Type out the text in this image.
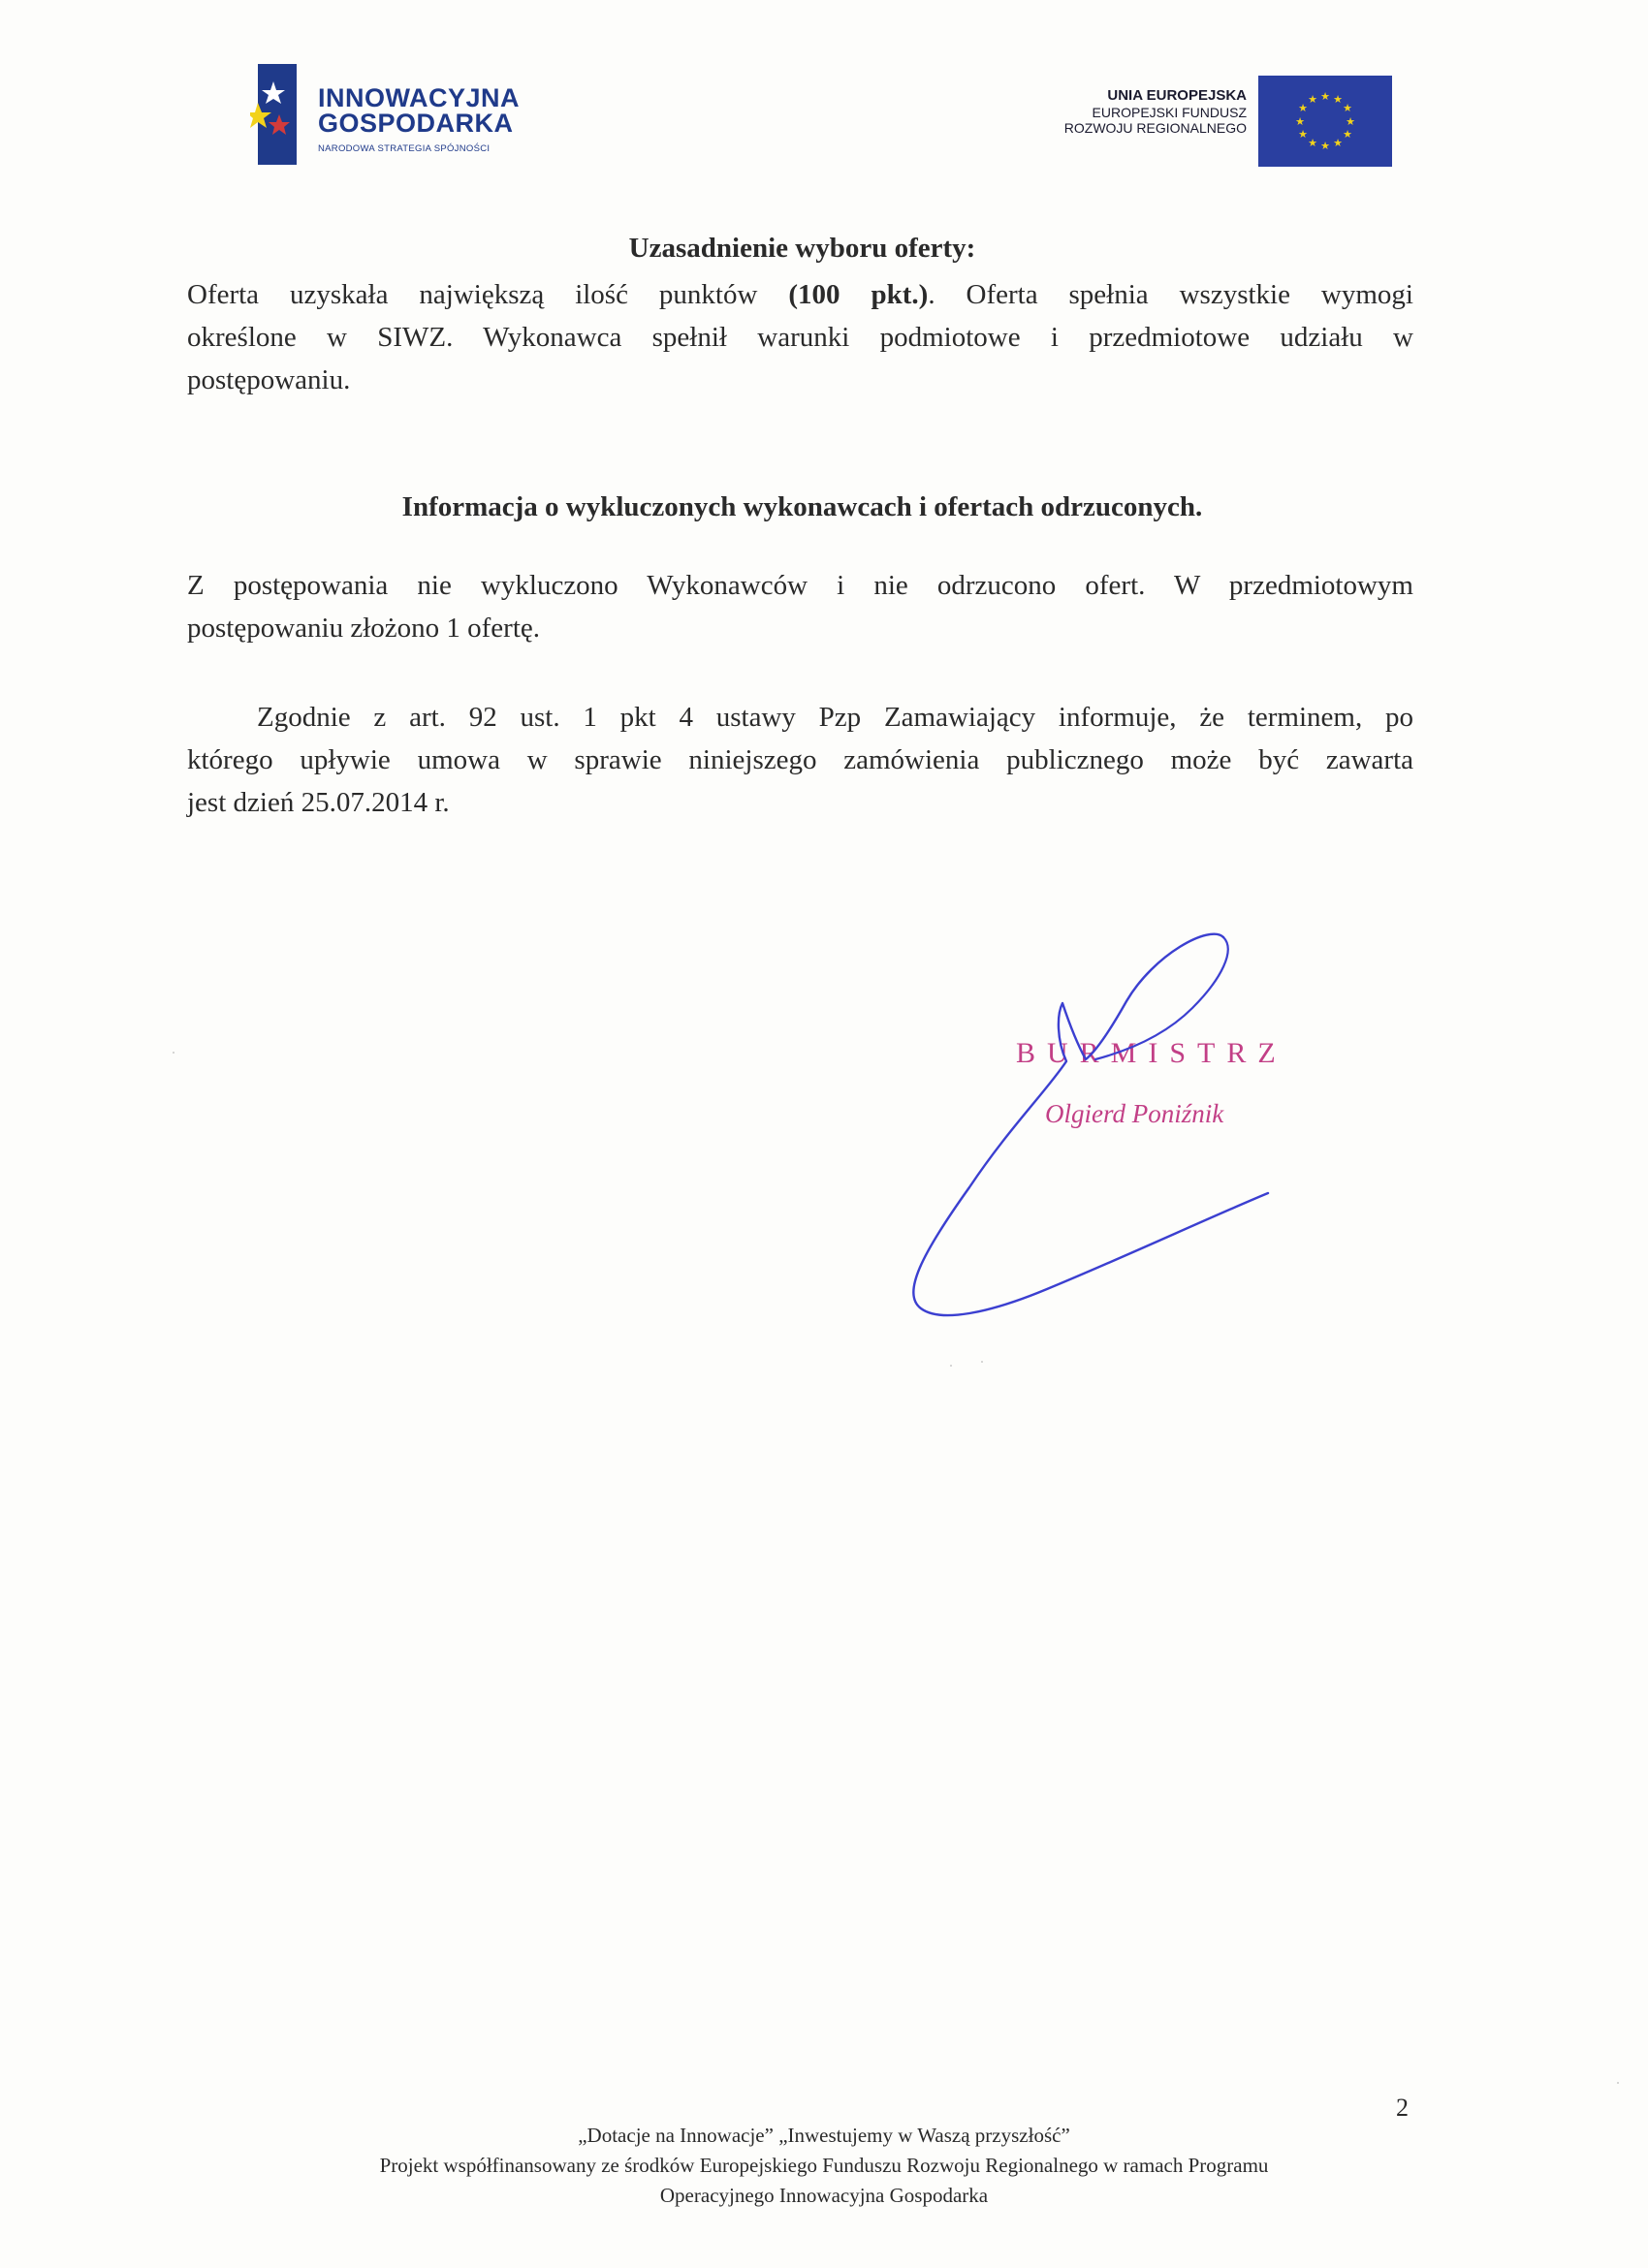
INNOWACYJNA
GOSPODARKA
NARODOWA STRATEGIA SPÓJNOŚCI
UNIA EUROPEJSKA
EUROPEJSKI FUNDUSZ
ROZWOJU REGIONALNEGO
★ ★
★
★
★
★
★
★
★
★
★
★
Uzasadnienie wyboru oferty:
Oferta uzyskała największą ilość punktów (100 pkt.). Oferta spełnia wszystkie wymogi
określone w SIWZ. Wykonawca spełnił warunki podmiotowe i przedmiotowe udziału w
postępowaniu.
Informacja o wykluczonych wykonawcach i ofertach odrzuconych.
Z postępowania nie wykluczono Wykonawców i nie odrzucono ofert. W przedmiotowym
postępowaniu złożono 1 ofertę.
Zgodnie z art. 92 ust. 1 pkt 4 ustawy Pzp Zamawiający informuje, że terminem, po
którego upływie umowa w sprawie niniejszego zamówienia publicznego może być zawarta
jest dzień 25.07.2014 r.
BURMISTRZ
Olgierd Poniźnik
2
„Dotacje na Innowacje” „Inwestujemy w Waszą przyszłość”
Projekt współfinansowany ze środków Europejskiego Funduszu Rozwoju Regionalnego w ramach Programu
Operacyjnego Innowacyjna Gospodarka
